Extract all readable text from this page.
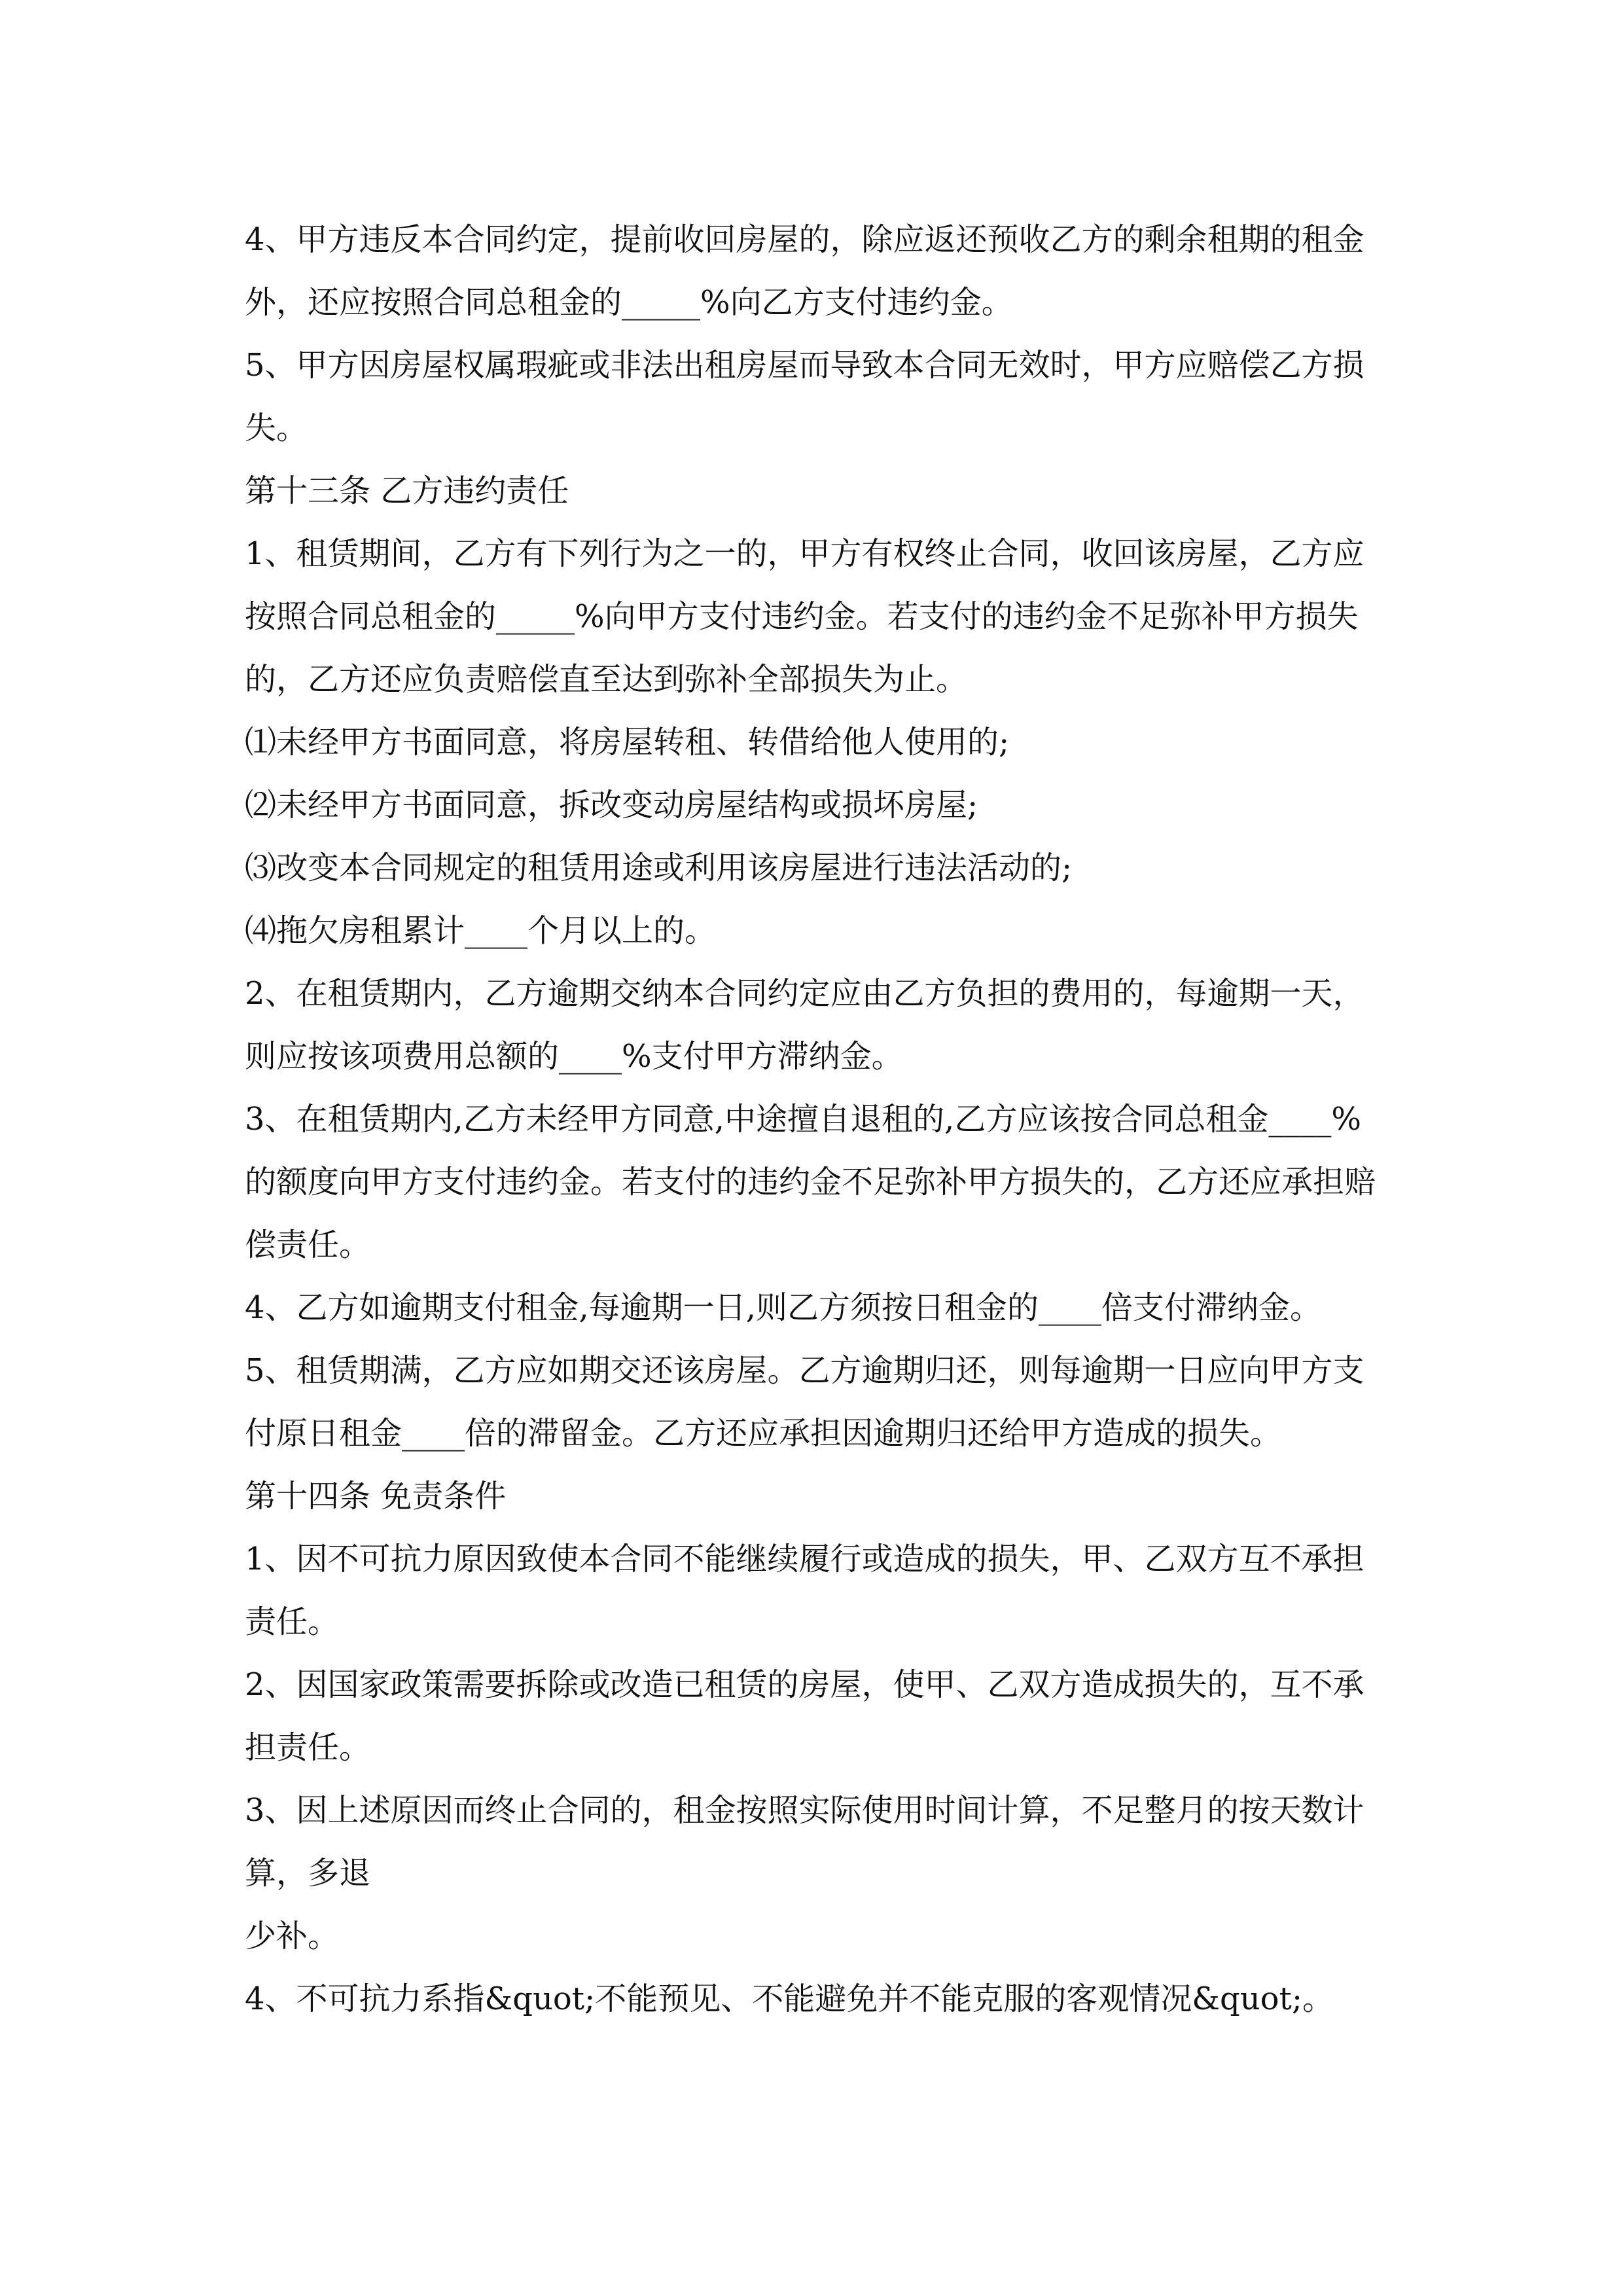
4、甲方违反本合同约定，提前收回房屋的，除应返还预收乙方的剩余租期的租金外，还应按照合同总租金的_____%向乙方支付违约金。

5、甲方因房屋权属瑕疵或非法出租房屋而导致本合同无效时，甲方应赔偿乙方损失。

第十三条 乙方违约责任

1、租赁期间，乙方有下列行为之一的，甲方有权终止合同，收回该房屋，乙方应按照合同总租金的_____%向甲方支付违约金。若支付的违约金不足弥补甲方损失的，乙方还应负责赔偿直至达到弥补全部损失为止。

⑴未经甲方书面同意，将房屋转租、转借给他人使用的;

⑵未经甲方书面同意，拆改变动房屋结构或损坏房屋;

⑶改变本合同规定的租赁用途或利用该房屋进行违法活动的;

⑷拖欠房租累计____个月以上的。

2、在租赁期内，乙方逾期交纳本合同约定应由乙方负担的费用的，每逾期一天，则应按该项费用总额的____%支付甲方滞纳金。

3、在租赁期内,乙方未经甲方同意,中途擅自退租的,乙方应该按合同总租金____%的额度向甲方支付违约金。若支付的违约金不足弥补甲方损失的，乙方还应承担赔偿责任。

4、乙方如逾期支付租金,每逾期一日,则乙方须按日租金的____倍支付滞纳金。

5、租赁期满，乙方应如期交还该房屋。乙方逾期归还，则每逾期一日应向甲方支付原日租金____倍的滞留金。乙方还应承担因逾期归还给甲方造成的损失。

第十四条 免责条件

1、因不可抗力原因致使本合同不能继续履行或造成的损失，甲、乙双方互不承担责任。

2、因国家政策需要拆除或改造已租赁的房屋，使甲、乙双方造成损失的，互不承担责任。

3、因上述原因而终止合同的，租金按照实际使用时间计算，不足整月的按天数计算，多退

少补。

4、不可抗力系指&quot;不能预见、不能避免并不能克服的客观情况&quot;。
